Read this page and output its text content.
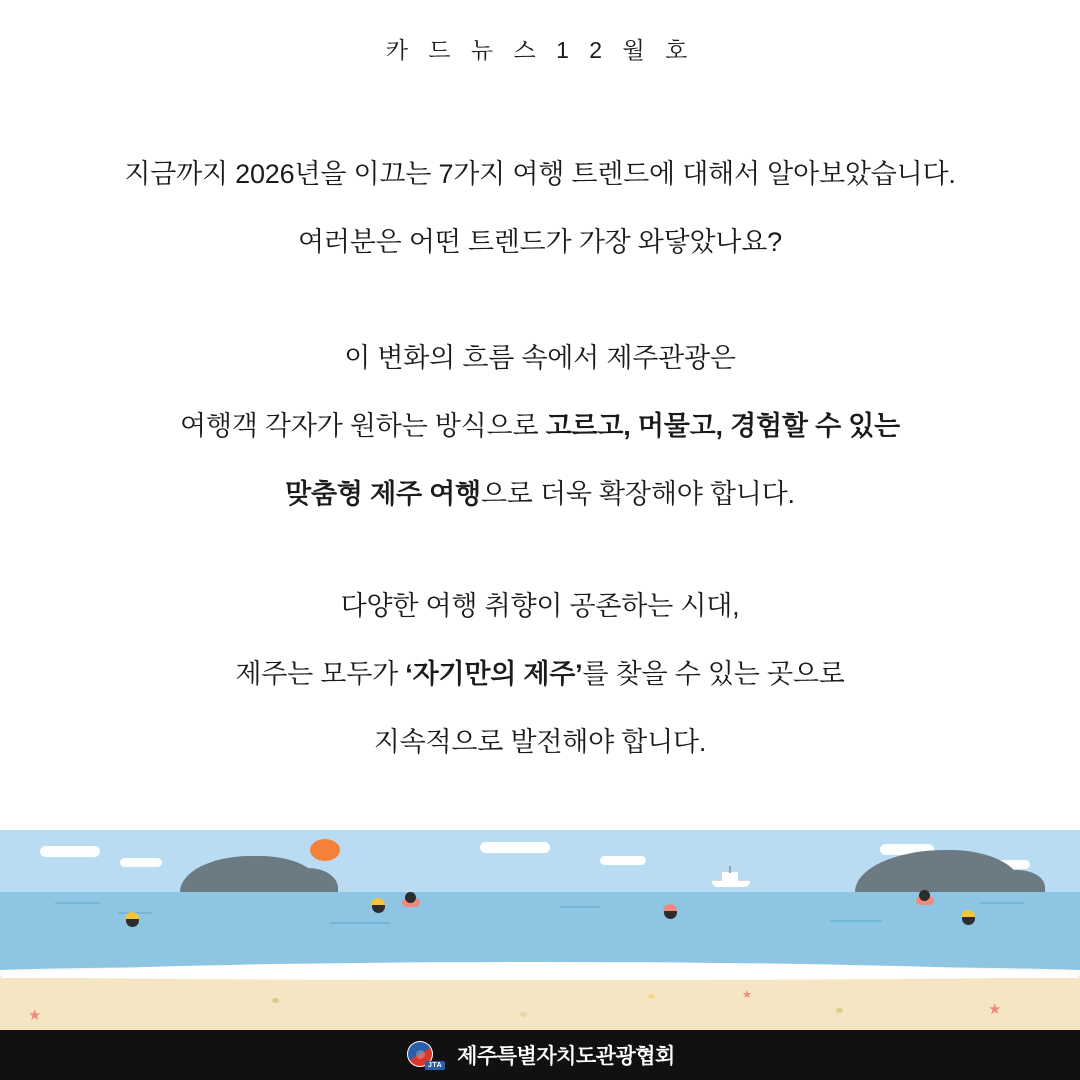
카 드 뉴 스 1 2 월 호
지금까지 2026년을 이끄는 7가지 여행 트렌드에 대해서 알아보았습니다.
여러분은 어떤 트렌드가 가장 와닿았나요?
이 변화의 흐름 속에서 제주관광은
여행객 각자가 원하는 방식으로 고르고, 머물고, 경험할 수 있는
맞춤형 제주 여행으로 더욱 확장해야 합니다.
다양한 여행 취향이 공존하는 시대,
제주는 모두가 ‘자기만의 제주’를 찾을 수 있는 곳으로
지속적으로 발전해야 합니다.
★
★
★
JTA 제주특별자치도관광협회
